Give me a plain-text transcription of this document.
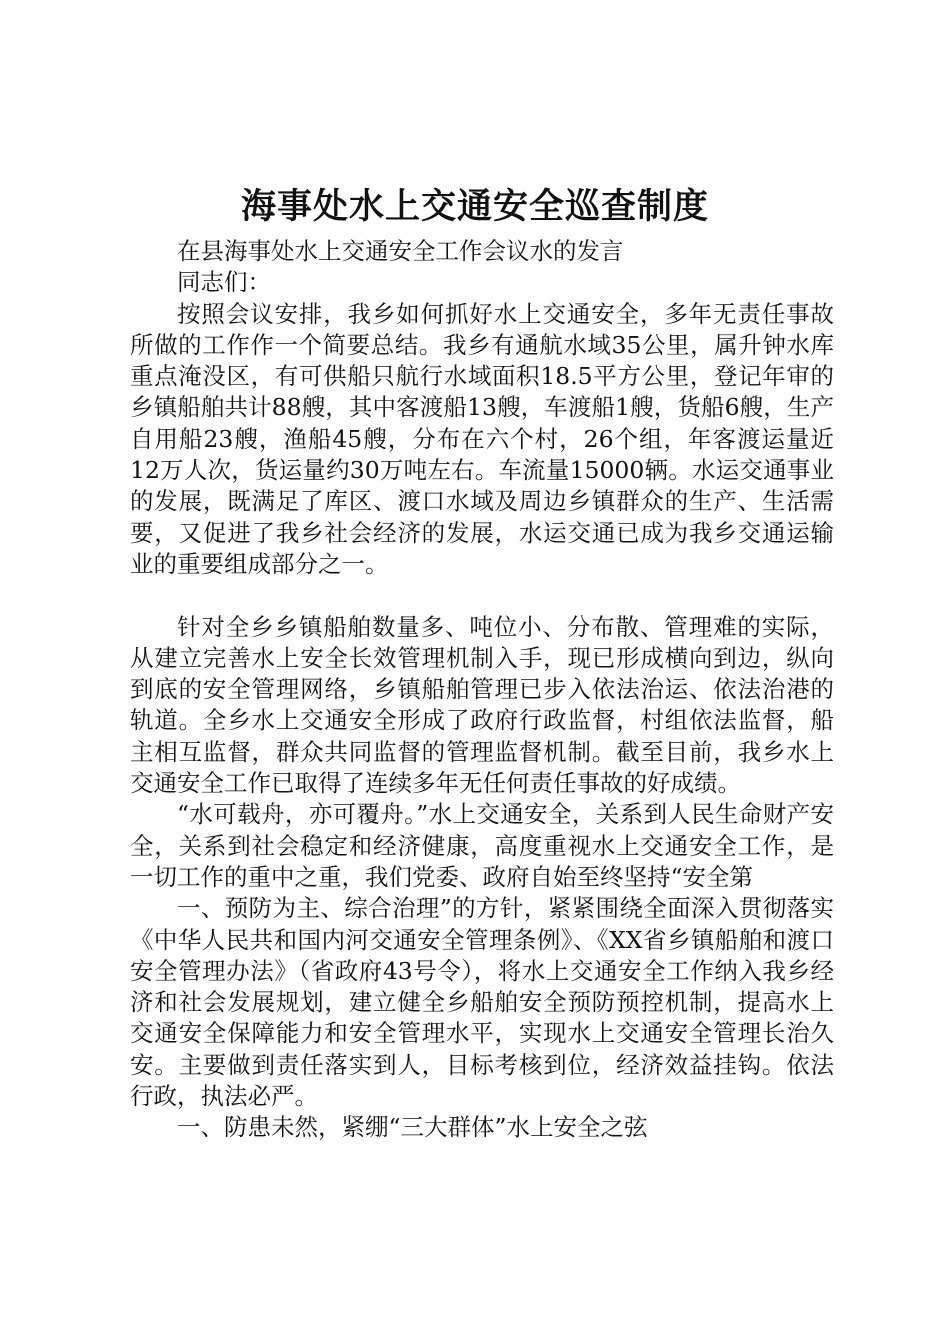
海事处水上交通安全巡查制度

在县海事处水上交通安全工作会议水的发言

同志们：

按照会议安排，我乡如何抓好水上交通安全，多年无责任事故所做的工作作一个简要总结。我乡有通航水域35公里，属升钟水库重点淹没区，有可供船只航行水域面积18.5平方公里，登记年审的乡镇船舶共计88艘，其中客渡船13艘，车渡船1艘，货船6艘，生产自用船23艘，渔船45艘，分布在六个村，26个组，年客渡运量近12万人次，货运量约30万吨左右。车流量15000辆。水运交通事业的发展，既满足了库区、渡口水域及周边乡镇群众的生产、生活需要，又促进了我乡社会经济的发展，水运交通已成为我乡交通运输业的重要组成部分之一。

针对全乡乡镇船舶数量多、吨位小、分布散、管理难的实际，从建立完善水上安全长效管理机制入手，现已形成横向到边，纵向到底的安全管理网络，乡镇船舶管理已步入依法治运、依法治港的轨道。全乡水上交通安全形成了政府行政监督，村组依法监督，船主相互监督，群众共同监督的管理监督机制。截至目前，我乡水上交通安全工作已取得了连续多年无任何责任事故的好成绩。

“水可载舟，亦可覆舟。”水上交通安全，关系到人民生命财产安全，关系到社会稳定和经济健康，高度重视水上交通安全工作，是一切工作的重中之重，我们党委、政府自始至终坚持“安全第

一、预防为主、综合治理”的方针，紧紧围绕全面深入贯彻落实《中华人民共和国内河交通安全管理条例》、《XX省乡镇船舶和渡口安全管理办法》（省政府43号令），将水上交通安全工作纳入我乡经济和社会发展规划，建立健全乡船舶安全预防预控机制，提高水上交通安全保障能力和安全管理水平，实现水上交通安全管理长治久安。主要做到责任落实到人，目标考核到位，经济效益挂钩。依法行政，执法必严。

一、防患未然，紧绷“三大群体”水上安全之弦
